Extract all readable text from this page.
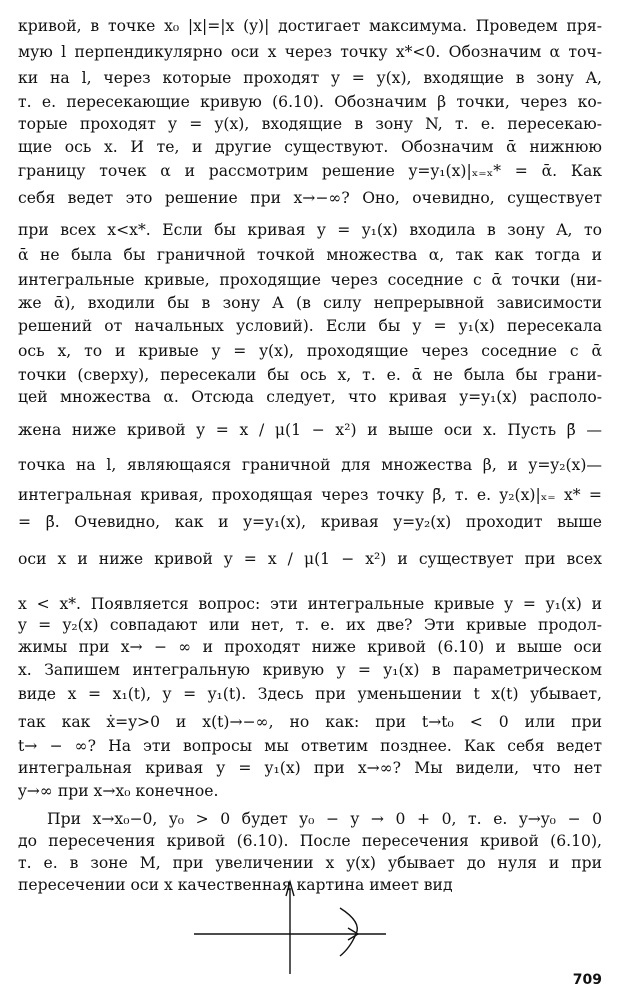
кривой, в точке x₀ |x|=|x (y)| достигает максимума. Проведем пря-
мую l перпендикулярно оси x через точку x*<0. Обозначим α точ-
ки на l, через которые проходят y = y(x), входящие в зону A,
т. е. пересекающие кривую (6.10). Обозначим β точки, через ко-
торые проходят y = y(x), входящие в зону N, т. е. пересекаю-
щие ось x. И те, и другие существуют. Обозначим ᾱ нижнюю
границу точек α и рассмотрим решение y=y₁(x)|ₓ₌ₓ* = ᾱ. Как
себя ведет это решение при x→−∞? Оно, очевидно, существует
при всех x<x*. Если бы кривая y = y₁(x) входила в зону A, то
ᾱ не была бы граничной точкой множества α, так как тогда и
интегральные кривые, проходящие через соседние с ᾱ точки (ни-
же ᾱ), входили бы в зону A (в силу непрерывной зависимости
решений от начальных условий). Если бы y = y₁(x) пересекала
ось x, то и кривые y = y(x), проходящие через соседние с ᾱ
точки (сверху), пересекали бы ось x, т. е. ᾱ не была бы грани-
цей множества α. Отсюда следует, что кривая y=y₁(x) располо-
жена ниже кривой y = x / μ(1 − x²) и выше оси x. Пусть β̄ —
точка на l, являющаяся граничной для множества β, и y=y₂(x)—
интегральная кривая, проходящая через точку β̄, т. е. y₂(x)|ₓ₌ x* =
= β̄. Очевидно, как и y=y₁(x), кривая y=y₂(x) проходит выше
оси x и ниже кривой y = x / μ(1 − x²) и существует при всех
x < x*. Появляется вопрос: эти интегральные кривые y = y₁(x) и
y = y₂(x) совпадают или нет, т. е. их две? Эти кривые продол-
жимы при x→ − ∞ и проходят ниже кривой (6.10) и выше оси
x. Запишем интегральную кривую y = y₁(x) в параметрическом
виде x = x₁(t), y = y₁(t). Здесь при уменьшении t x(t) убывает,
так как ẋ=y>0 и x(t)→−∞, но как: при t→t₀ < 0 или при
t→ − ∞? На эти вопросы мы ответим позднее. Как себя ведет
интегральная кривая y = y₁(x) при x→∞? Мы видели, что нет
y→∞ при x→x₀ конечное.
При x→x₀−0, y₀ > 0 будет y₀ − y → 0 + 0, т. е. y→y₀ − 0
до пересечения кривой (6.10). После пересечения кривой (6.10),
т. е. в зоне M, при увеличении x y(x) убывает до нуля и при
пересечении оси x качественная картина имеет вид
709
